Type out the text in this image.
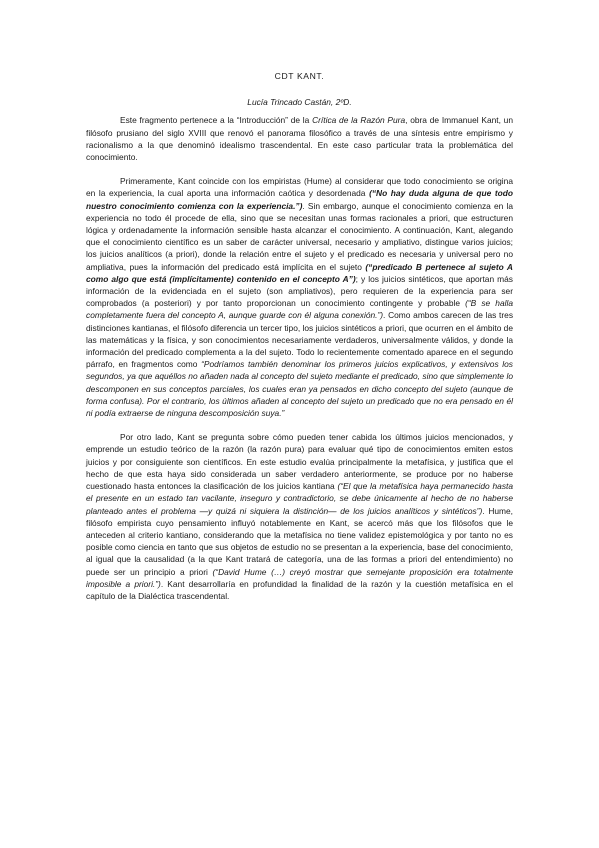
CDT KANT.
Lucía Trincado Castán, 2ºD.

Este fragmento pertenece a la “Introducción” de la Crítica de la Razón Pura, obra de Immanuel Kant, un filósofo prusiano del siglo XVIII que renovó el panorama filosófico a través de una síntesis entre empirismo y racionalismo a la que denominó idealismo trascendental. En este caso particular trata la problemática del conocimiento.

Primeramente, Kant coincide con los empiristas (Hume) al considerar que todo conocimiento se origina en la experiencia, la cual aporta una información caótica y desordenada (“No hay duda alguna de que todo nuestro conocimiento comienza con la experiencia.”). Sin embargo, aunque el conocimiento comienza en la experiencia no todo él procede de ella, sino que se necesitan unas formas racionales a priori, que estructuren lógica y ordenadamente la información sensible hasta alcanzar el conocimiento. A continuación, Kant, alegando que el conocimiento científico es un saber de carácter universal, necesario y ampliativo, distingue varios juicios; los juicios analíticos (a priori), donde la relación entre el sujeto y el predicado es necesaria y universal pero no ampliativa, pues la información del predicado está implícita en el sujeto (“predicado B pertenece al sujeto A como algo que está (implícitamente) contenido en el concepto A”); y los juicios sintéticos, que aportan más información de la evidenciada en el sujeto (son ampliativos), pero requieren de la experiencia para ser comprobados (a posteriori) y por tanto proporcionan un conocimiento contingente y probable (“B se halla completamente fuera del concepto A, aunque guarde con él alguna conexión.”). Como ambos carecen de las tres distinciones kantianas, el filósofo diferencia un tercer tipo, los juicios sintéticos a priori, que ocurren en el ámbito de las matemáticas y la física, y son conocimientos necesariamente verdaderos, universalmente válidos, y donde la información del predicado complementa a la del sujeto. Todo lo recientemente comentado aparece en el segundo párrafo, en fragmentos como “Podríamos también denominar los primeros juicios explicativos, y extensivos los segundos, ya que aquéllos no añaden nada al concepto del sujeto mediante el predicado, sino que simplemente lo descomponen en sus conceptos parciales, los cuales eran ya pensados en dicho concepto del sujeto (aunque de forma confusa). Por el contrario, los últimos añaden al concepto del sujeto un predicado que no era pensado en él ni podía extraerse de ninguna descomposición suya.”

Por otro lado, Kant se pregunta sobre cómo pueden tener cabida los últimos juicios mencionados, y emprende un estudio teórico de la razón (la razón pura) para evaluar qué tipo de conocimientos emiten estos juicios y por consiguiente son científicos. En este estudio evalúa principalmente la metafísica, y justifica que el hecho de que esta haya sido considerada un saber verdadero anteriormente, se produce por no haberse cuestionado hasta entonces la clasificación de los juicios kantiana (“El que la metafísica haya permanecido hasta el presente en un estado tan vacilante, inseguro y contradictorio, se debe únicamente al hecho de no haberse planteado antes el problema —y quizá ni siquiera la distinción— de los juicios analíticos y sintéticos”). Hume, filósofo empirista cuyo pensamiento influyó notablemente en Kant, se acercó más que los filósofos que le anteceden al criterio kantiano, considerando que la metafísica no tiene validez epistemológica y por tanto no es posible como ciencia en tanto que sus objetos de estudio no se presentan a la experiencia, base del conocimiento, al igual que la causalidad (a la que Kant tratará de categoría, una de las formas a priori del entendimiento) no puede ser un principio a priori (“David Hume (…) creyó mostrar que semejante proposición era totalmente imposible a priori.”). Kant desarrollaría en profundidad la finalidad de la razón y la cuestión metafísica en el capítulo de la Dialéctica trascendental.
